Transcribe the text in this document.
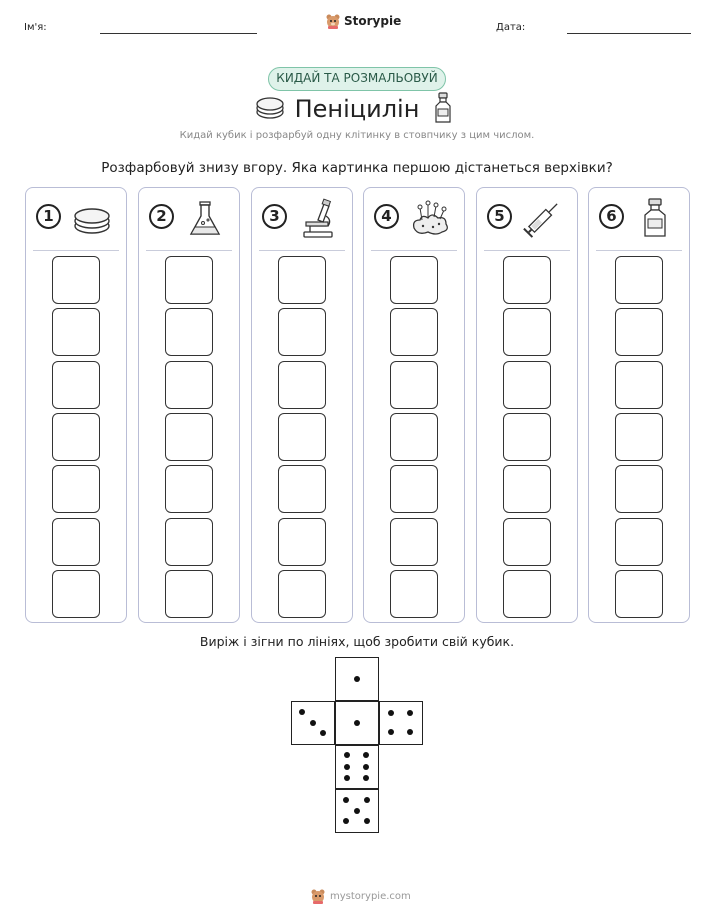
Ім'я:	Storypie	Дата:
КИДАЙ ТА РОЗМАЛЬОВУЙ
Пеніцилін
Кидай кубик і розфарбуй одну клітинку в стовпчику з цим числом.
Розфарбовуй знизу вгору. Яка картинка першою дістанеться верхівки?
1	2	3	4	5	6
Виріж і зігни по лініях, щоб зробити свій кубик.
mystorypie.com
